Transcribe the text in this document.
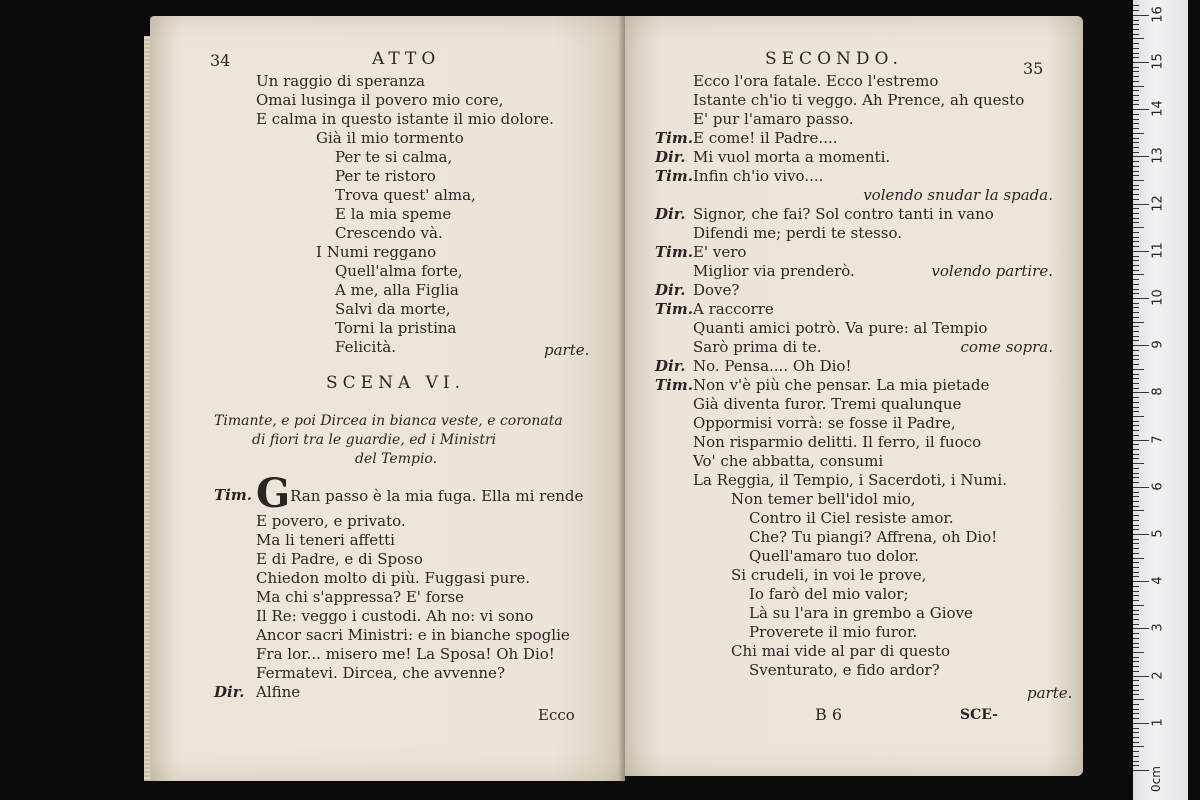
34	ATTO
Un raggio di speranza
Omai lusinga il povero mio core,
E calma in questo istante il mio dolore.
Già il mio tormento
Per te si calma,
Per te ristoro
Trova quest' alma,
E la mia speme
Crescendo và.
I Numi reggano
Quell'alma forte,
A me, alla Figlia
Salvi da morte,
Torni la pristina
Felicità.	parte.
SCENA VI.
Timante, e poi Dircea in bianca veste, e coronata
di fiori tra le guardie, ed i Ministri
del Tempio.
Tim. GRan passo è la mia fuga. Ella mi rende
E povero, e privato.
Ma li teneri affetti
E di Padre, e di Sposo
Chiedon molto di più. Fuggasi pure.
Ma chi s'appressa? E' forse
Il Re: veggo i custodi. Ah no: vi sono
Ancor sacri Ministri: e in bianche spoglie
Fra lor... misero me! La Sposa! Oh Dio!
Fermatevi. Dircea, che avvenne?
Dir. Alfine
Ecco
SECONDO.	35
Ecco l'ora fatale. Ecco l'estremo
Istante ch'io ti veggo. Ah Prence, ah questo
E' pur l'amaro passo.
Tim. E come! il Padre....
Dir. Mi vuol morta a momenti.
Tim. Infin ch'io vivo....
volendo snudar la spada.
Dir. Signor, che fai? Sol contro tanti in vano
Difendi me; perdi te stesso.
Tim. E' vero
Miglior via prenderò.	volendo partire.
Dir. Dove?
Tim. A raccorre
Quanti amici potrò. Va pure: al Tempio
Sarò prima di te.	come sopra.
Dir. No. Pensa.... Oh Dio!
Tim. Non v'è più che pensar. La mia pietade
Già diventa furor. Tremi qualunque
Oppormisi vorrà: se fosse il Padre,
Non risparmio delitti. Il ferro, il fuoco
Vo' che abbatta, consumi
La Reggia, il Tempio, i Sacerdoti, i Numi.
Non temer bell'idol mio,
Contro il Ciel resiste amor.
Che? Tu piangi? Affrena, oh Dio!
Quell'amaro tuo dolor.
Si crudeli, in voi le prove,
Io farò del mio valor;
Là su l'ara in grembo a Giove
Proverete il mio furor.
Chi mai vide al par di questo
Sventurato, e fido ardor?
parte.
B 6	SCE-
0cm
16
15
14
13
12
11
10
9
8
7
6
5
4
3
2
1
